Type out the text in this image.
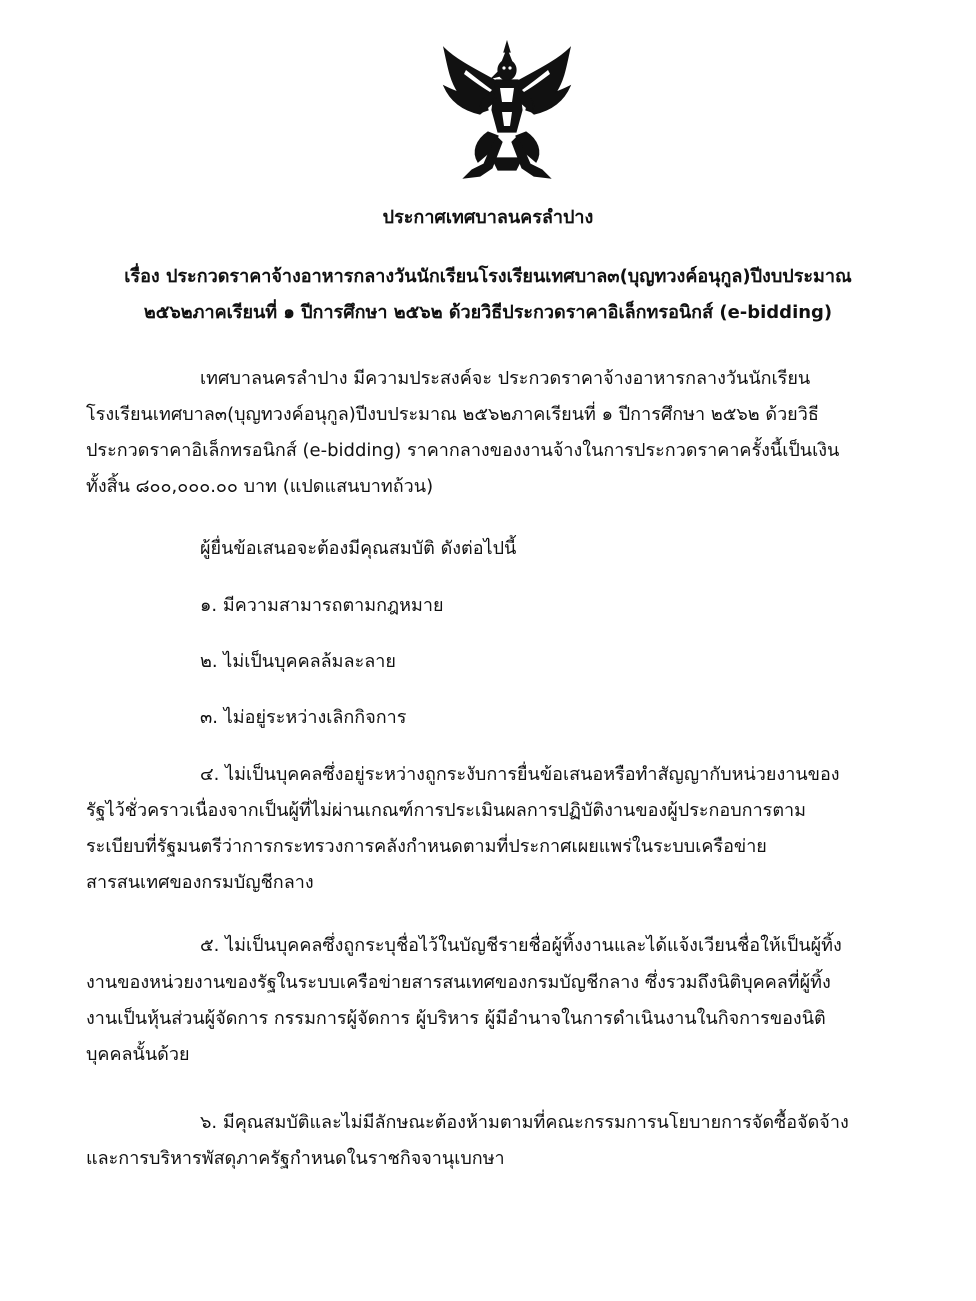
ประกาศเทศบาลนครลำปาง
เรื่อง ประกวดราคาจ้างอาหารกลางวันนักเรียนโรงเรียนเทศบาล๓(บุญทวงค์อนุกูล)ปีงบประมาณ
๒๕๖๒ภาคเรียนที่ ๑ ปีการศึกษา ๒๕๖๒ ด้วยวิธีประกวดราคาอิเล็กทรอนิกส์ (e-bidding)
เทศบาลนครลำปาง มีความประสงค์จะ ประกวดราคาจ้างอาหารกลางวันนักเรียน
โรงเรียนเทศบาล๓(บุญทวงค์อนุกูล)ปีงบประมาณ ๒๕๖๒ภาคเรียนที่ ๑ ปีการศึกษา ๒๕๖๒ ด้วยวิธี
ประกวดราคาอิเล็กทรอนิกส์ (e-bidding) ราคากลางของงานจ้างในการประกวดราคาครั้งนี้เป็นเงิน
ทั้งสิ้น ๘๐๐,๐๐๐.๐๐ บาท (แปดแสนบาทถ้วน)
ผู้ยื่นข้อเสนอจะต้องมีคุณสมบัติ ดังต่อไปนี้
๑. มีความสามารถตามกฎหมาย
๒. ไม่เป็นบุคคลล้มละลาย
๓. ไม่อยู่ระหว่างเลิกกิจการ
๔. ไม่เป็นบุคคลซึ่งอยู่ระหว่างถูกระงับการยื่นข้อเสนอหรือทำสัญญากับหน่วยงานของ
รัฐไว้ชั่วคราวเนื่องจากเป็นผู้ที่ไม่ผ่านเกณฑ์การประเมินผลการปฏิบัติงานของผู้ประกอบการตาม
ระเบียบที่รัฐมนตรีว่าการกระทรวงการคลังกำหนดตามที่ประกาศเผยแพร่ในระบบเครือข่าย
สารสนเทศของกรมบัญชีกลาง
๕. ไม่เป็นบุคคลซึ่งถูกระบุชื่อไว้ในบัญชีรายชื่อผู้ทิ้งงานและได้แจ้งเวียนชื่อให้เป็นผู้ทิ้ง
งานของหน่วยงานของรัฐในระบบเครือข่ายสารสนเทศของกรมบัญชีกลาง ซึ่งรวมถึงนิติบุคคลที่ผู้ทิ้ง
งานเป็นหุ้นส่วนผู้จัดการ กรรมการผู้จัดการ ผู้บริหาร ผู้มีอำนาจในการดำเนินงานในกิจการของนิติ
บุคคลนั้นด้วย
๖. มีคุณสมบัติและไม่มีลักษณะต้องห้ามตามที่คณะกรรมการนโยบายการจัดซื้อจัดจ้าง
และการบริหารพัสดุภาครัฐกำหนดในราชกิจจานุเบกษา
